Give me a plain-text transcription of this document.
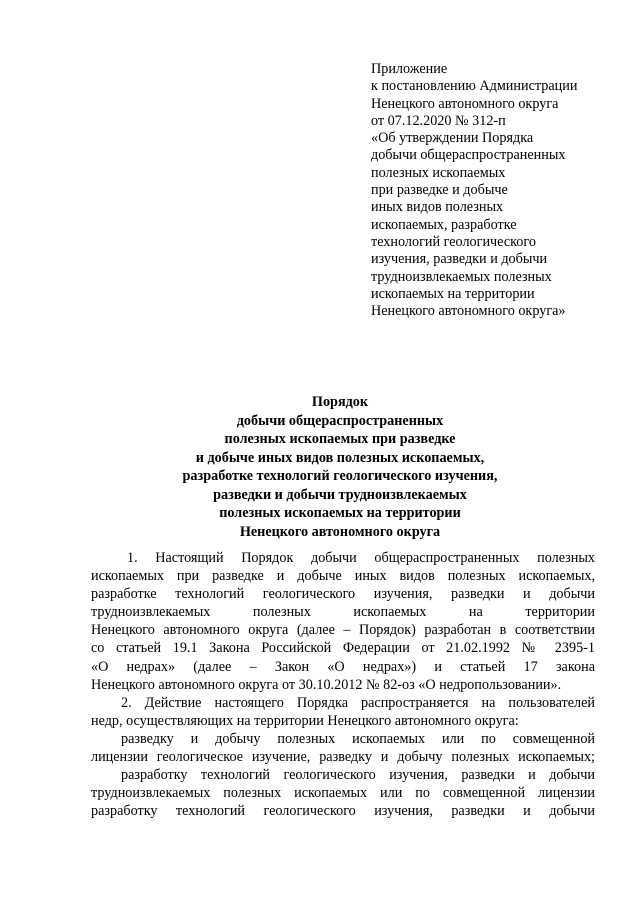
Приложение
к постановлению Администрации
Ненецкого автономного округа
от 07.12.2020 № 312-п
«Об утверждении Порядка
добычи общераспространенных
полезных ископаемых
при разведке и добыче
иных видов полезных
ископаемых, разработке
технологий геологического
изучения, разведки и добычи
трудноизвлекаемых полезных
ископаемых на территории
Ненецкого автономного округа»
Порядок
добычи общераспространенных
полезных ископаемых при разведке
и добыче иных видов полезных ископаемых,
разработке технологий геологического изучения,
разведки и добычи трудноизвлекаемых
полезных ископаемых на территории
Ненецкого автономного округа
1. Настоящий Порядок добычи общераспространенных полезных
ископаемых при разведке и добыче иных видов полезных ископаемых,
разработке технологий геологического изучения, разведки и добычи
трудноизвлекаемых полезных ископаемых на территории
Ненецкого автономного округа (далее – Порядок) разработан в соответствии
со статьей 19.1 Закона Российской Федерации от 21.02.1992 № 2395-1
«О недрах» (далее – Закон «О недрах») и статьей 17 закона
Ненецкого автономного округа от 30.10.2012 № 82-оз «О недропользовании».
2. Действие настоящего Порядка распространяется на пользователей
недр, осуществляющих на территории Ненецкого автономного округа:
разведку и добычу полезных ископаемых или по совмещенной
лицензии геологическое изучение, разведку и добычу полезных ископаемых;
разработку технологий геологического изучения, разведки и добычи
трудноизвлекаемых полезных ископаемых или по совмещенной лицензии
разработку технологий геологического изучения, разведки и добычи
